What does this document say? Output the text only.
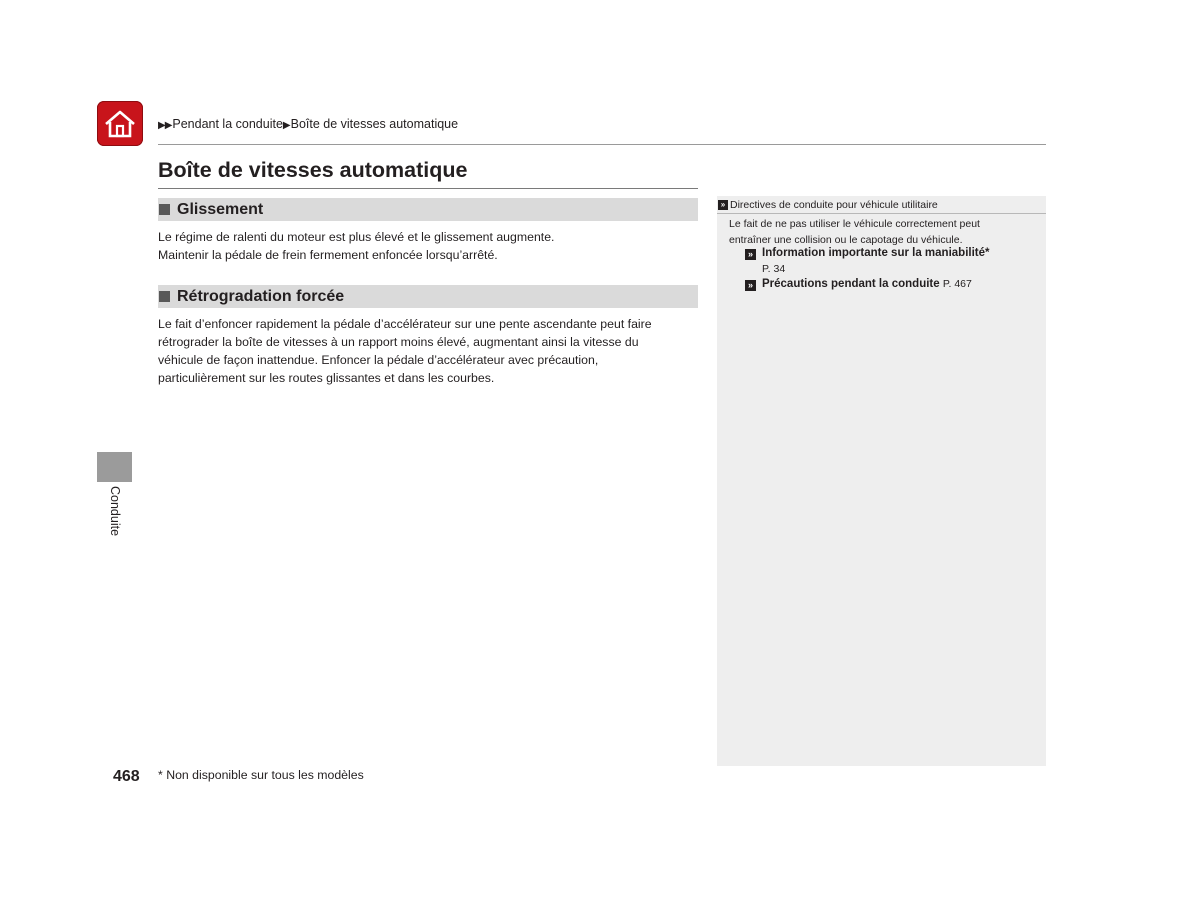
▶▶Pendant la conduite▶Boîte de vitesses automatique
Boîte de vitesses automatique
Glissement

Le régime de ralenti du moteur est plus élevé et le glissement augmente.
Maintenir la pédale de frein fermement enfoncée lorsqu’arrêté.

Rétrogradation forcée

Le fait d’enfoncer rapidement la pédale d’accélérateur sur une pente ascendante peut faire
rétrograder la boîte de vitesses à un rapport moins élevé, augmentant ainsi la vitesse du
véhicule de façon inattendue. Enfoncer la pédale d’accélérateur avec précaution,
particulièrement sur les routes glissantes et dans les courbes.

» Directives de conduite pour véhicule utilitaire

Le fait de ne pas utiliser le véhicule correctement peut
entraîner une collision ou le capotage du véhicule.

» Information importante sur la maniabilité*
P. 34
» Précautions pendant la conduite P. 467
Conduite
468 * Non disponible sur tous les modèles
